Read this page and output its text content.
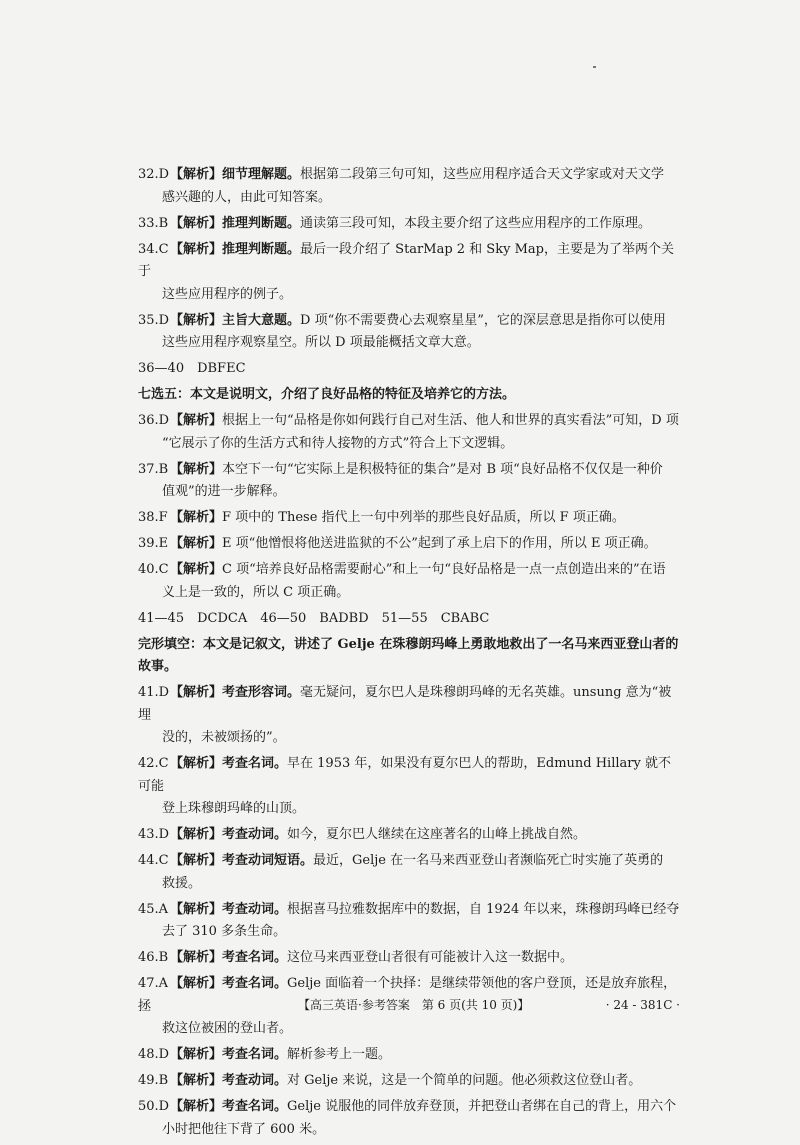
32.D【解析】细节理解题。根据第二段第三句可知，这些应用程序适合天文学家或对天文学
感兴趣的人，由此可知答案。
33.B 【解析】推理判断题。通读第三段可知，本段主要介绍了这些应用程序的工作原理。
34.C【解析】推理判断题。最后一段介绍了 StarMap 2 和 Sky Map，主要是为了举两个关于
这些应用程序的例子。
35.D【解析】主旨大意题。D 项“你不需要费心去观察星星”，它的深层意思是指你可以使用
这些应用程序观察星空。所以 D 项最能概括文章大意。
36—40　DBFEC
七选五：本文是说明文，介绍了良好品格的特征及培养它的方法。
36.D【解析】根据上一句“品格是你如何践行自己对生活、他人和世界的真实看法”可知，D 项
“它展示了你的生活方式和待人接物的方式”符合上下文逻辑。
37.B 【解析】本空下一句“它实际上是积极特征的集合”是对 B 项“良好品格不仅仅是一种价
值观”的进一步解释。
38.F 【解析】F 项中的 These 指代上一句中列举的那些良好品质，所以 F 项正确。
39.E 【解析】E 项“他憎恨将他送进监狱的不公”起到了承上启下的作用，所以 E 项正确。
40.C【解析】C 项“培养良好品格需要耐心”和上一句“良好品格是一点一点创造出来的”在语
义上是一致的，所以 C 项正确。
41—45　DCDCA　46—50　BADBD　51—55　CBABC
完形填空：本文是记叙文，讲述了 Gelje 在珠穆朗玛峰上勇敢地救出了一名马来西亚登山者的
故事。
41.D【解析】考查形容词。毫无疑问，夏尔巴人是珠穆朗玛峰的无名英雄。unsung 意为“被埋
没的，未被颂扬的”。
42.C【解析】考查名词。早在 1953 年，如果没有夏尔巴人的帮助，Edmund Hillary 就不可能
登上珠穆朗玛峰的山顶。
43.D【解析】考查动词。如今，夏尔巴人继续在这座著名的山峰上挑战自然。
44.C【解析】考查动词短语。最近，Gelje 在一名马来西亚登山者濒临死亡时实施了英勇的
救援。
45.A 【解析】考查动词。根据喜马拉雅数据库中的数据，自 1924 年以来，珠穆朗玛峰已经夺
去了 310 多条生命。
46.B 【解析】考查名词。这位马来西亚登山者很有可能被计入这一数据中。
47.A 【解析】考查名词。Gelje 面临着一个抉择：是继续带领他的客户登顶，还是放弃旅程，拯
救这位被困的登山者。
48.D【解析】考查名词。解析参考上一题。
49.B 【解析】考查动词。对 Gelje 来说，这是一个简单的问题。他必须救这位登山者。
50.D【解析】考查名词。Gelje 说服他的同伴放弃登顶，并把登山者绑在自己的背上，用六个
小时把他往下背了 600 米。
【高三英语·参考答案　第 6 页(共 10 页)】	· 24 - 381C ·
